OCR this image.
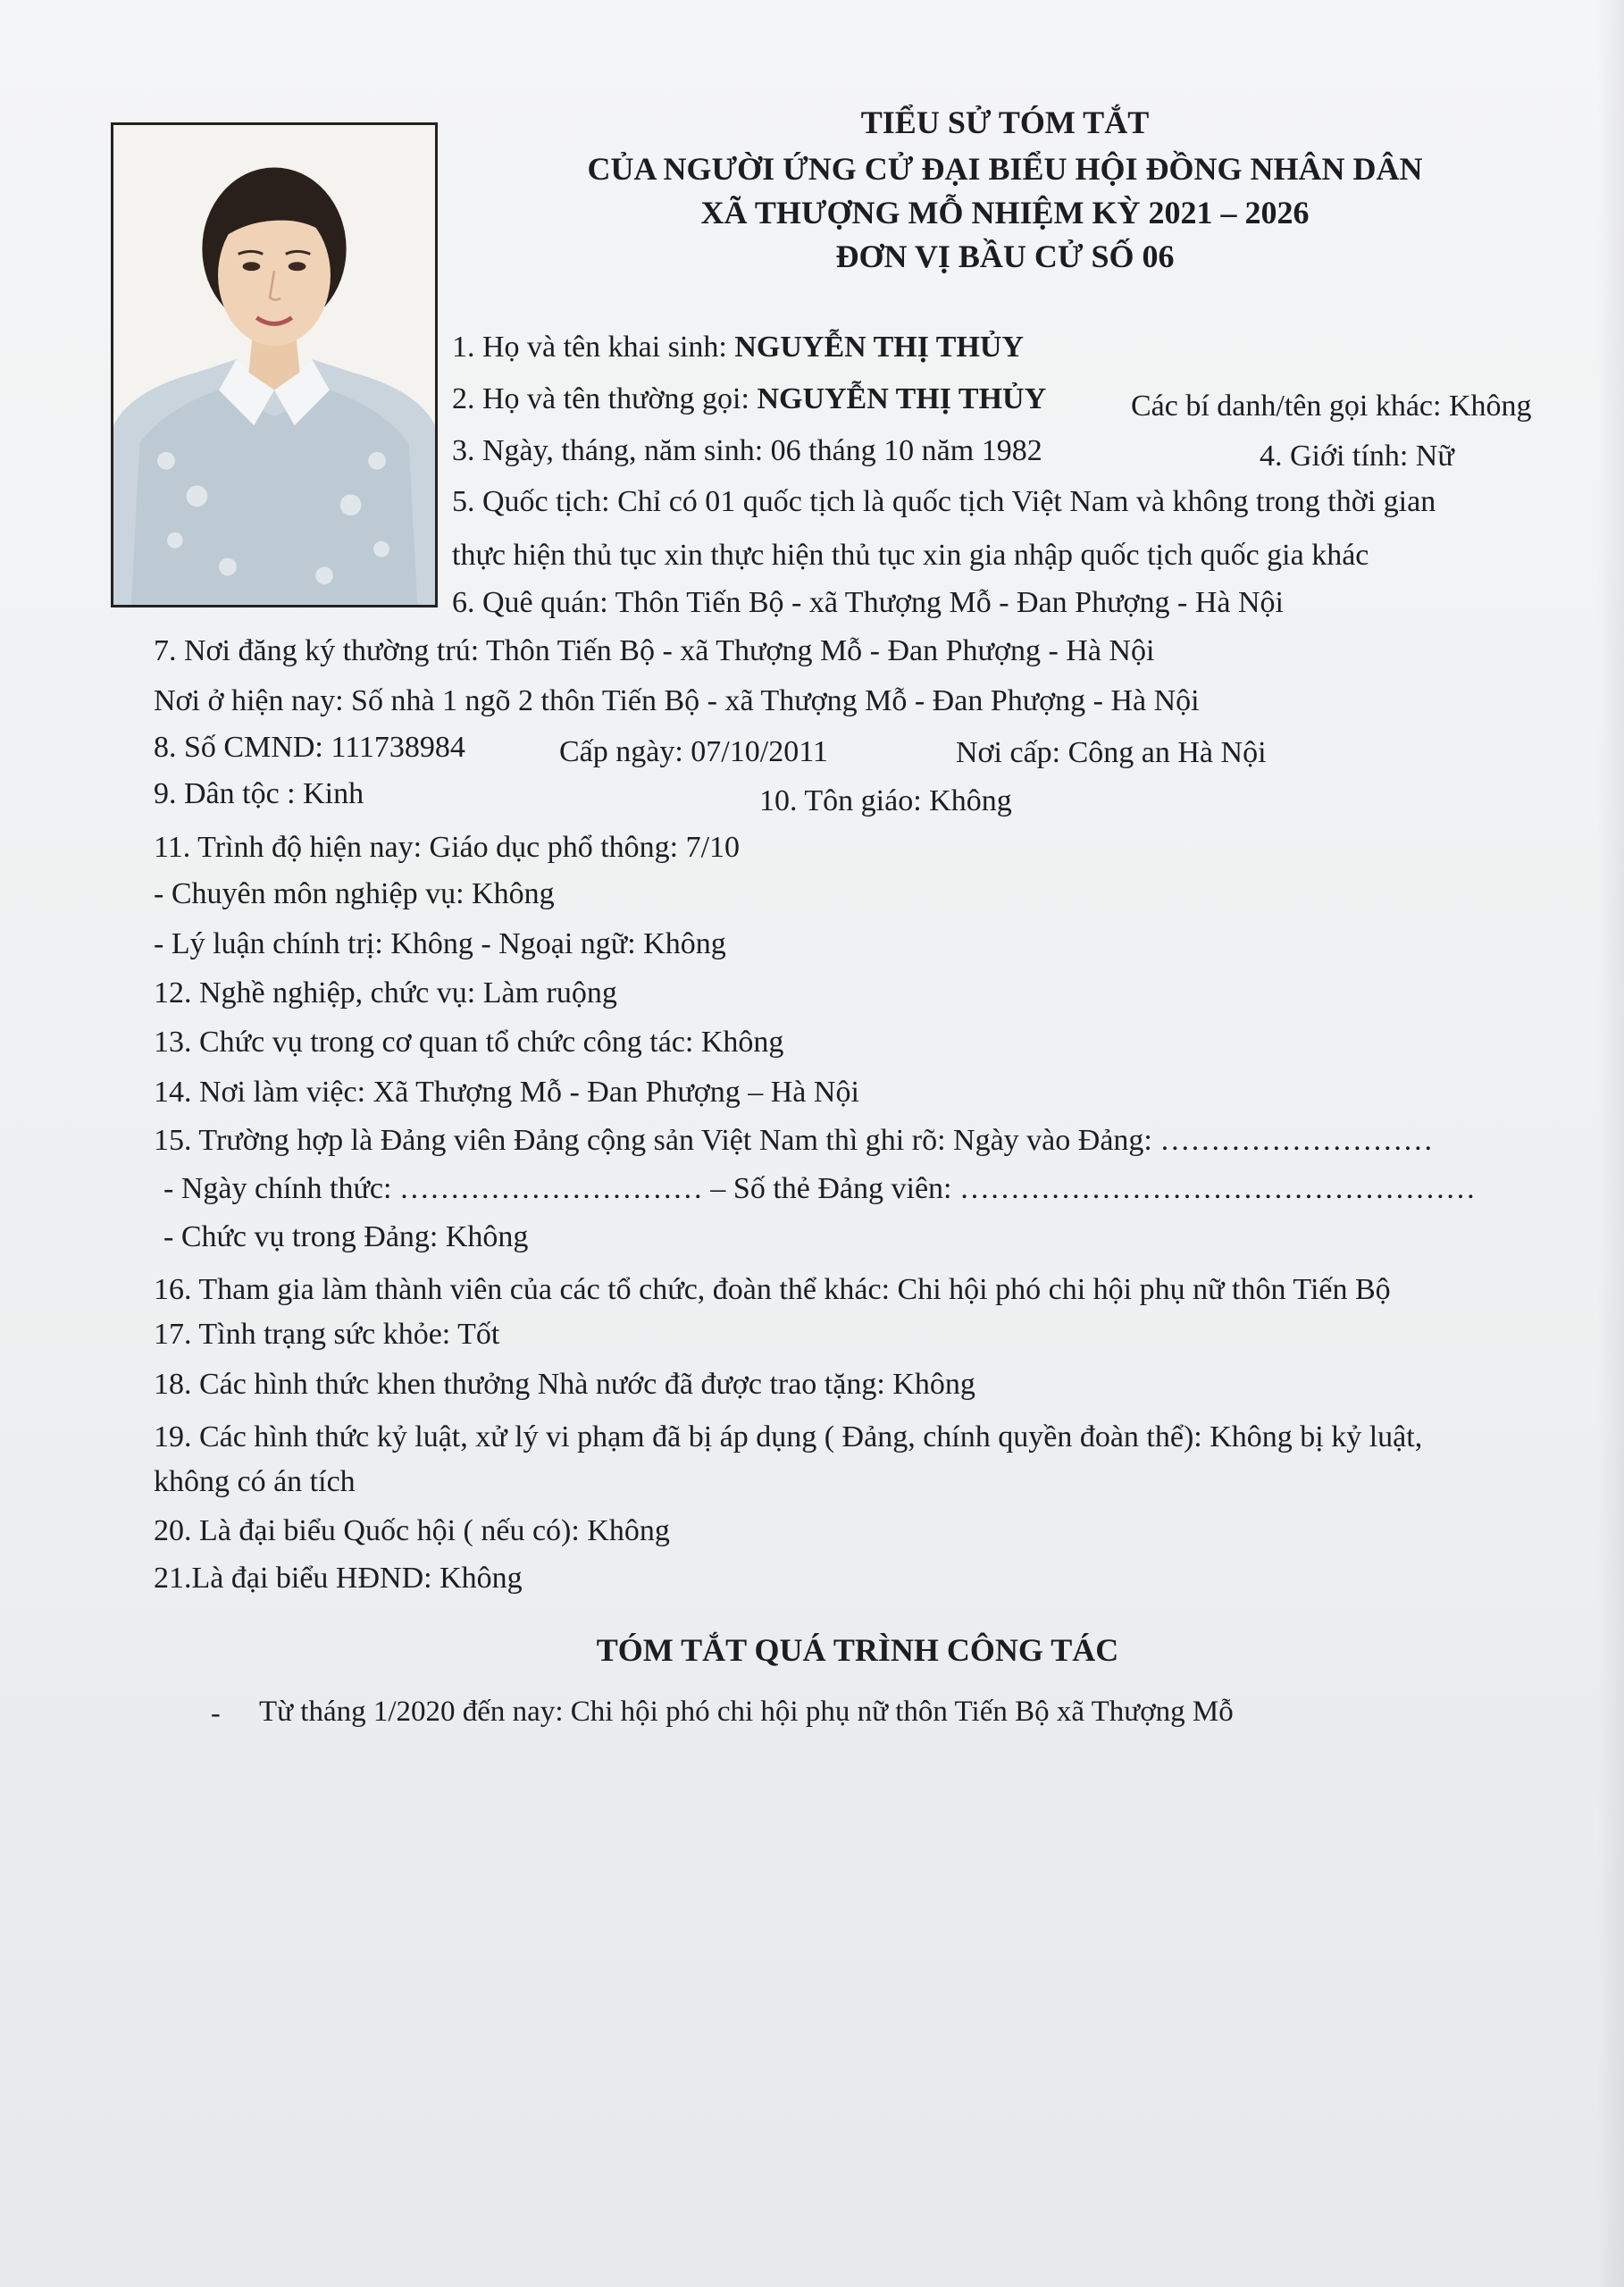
TIỂU SỬ TÓM TẮT
CỦA NGƯỜI ỨNG CỬ ĐẠI BIỂU HỘI ĐỒNG NHÂN DÂN
XÃ THƯỢNG MỖ NHIỆM KỲ 2021 – 2026
ĐƠN VỊ BẦU CỬ SỐ 06
1. Họ và tên khai sinh: NGUYỄN THỊ THỦY
2. Họ và tên thường gọi: NGUYỄN THỊ THỦY	Các bí danh/tên gọi khác: Không
3. Ngày, tháng, năm sinh: 06 tháng 10 năm 1982	4. Giới tính: Nữ
5. Quốc tịch: Chỉ có 01 quốc tịch là quốc tịch Việt Nam và không trong thời gian
thực hiện thủ tục xin thực hiện thủ tục xin gia nhập quốc tịch quốc gia khác
6. Quê quán: Thôn Tiến Bộ - xã Thượng Mỗ - Đan Phượng - Hà Nội
7. Nơi đăng ký thường trú: Thôn Tiến Bộ - xã Thượng Mỗ - Đan Phượng - Hà Nội
Nơi ở hiện nay: Số nhà 1 ngõ 2 thôn Tiến Bộ - xã Thượng Mỗ - Đan Phượng - Hà Nội
8. Số CMND: 111738984	Cấp ngày: 07/10/2011	Nơi cấp: Công an Hà Nội
9. Dân tộc : Kinh	10. Tôn giáo: Không
11. Trình độ hiện nay: Giáo dục phổ thông: 7/10
- Chuyên môn nghiệp vụ: Không
- Lý luận chính trị: Không - Ngoại ngữ: Không
12. Nghề nghiệp, chức vụ: Làm ruộng
13. Chức vụ trong cơ quan tổ chức công tác: Không
14. Nơi làm việc: Xã Thượng Mỗ - Đan Phượng – Hà Nội
15. Trường hợp là Đảng viên Đảng cộng sản Việt Nam thì ghi rõ: Ngày vào Đảng: ………………………
- Ngày chính thức: ………………………… – Số thẻ Đảng viên: ……………………………………………
- Chức vụ trong Đảng: Không
16. Tham gia làm thành viên của các tổ chức, đoàn thể khác: Chi hội phó chi hội phụ nữ thôn Tiến Bộ
17. Tình trạng sức khỏe: Tốt
18. Các hình thức khen thưởng Nhà nước đã được trao tặng: Không
19. Các hình thức kỷ luật, xử lý vi phạm đã bị áp dụng ( Đảng, chính quyền đoàn thể): Không bị kỷ luật,
không có án tích
20. Là đại biểu Quốc hội ( nếu có): Không
21.Là đại biểu HĐND: Không
TÓM TẮT QUÁ TRÌNH CÔNG TÁC
- Từ tháng 1/2020 đến nay: Chi hội phó chi hội phụ nữ thôn Tiến Bộ xã Thượng Mỗ
